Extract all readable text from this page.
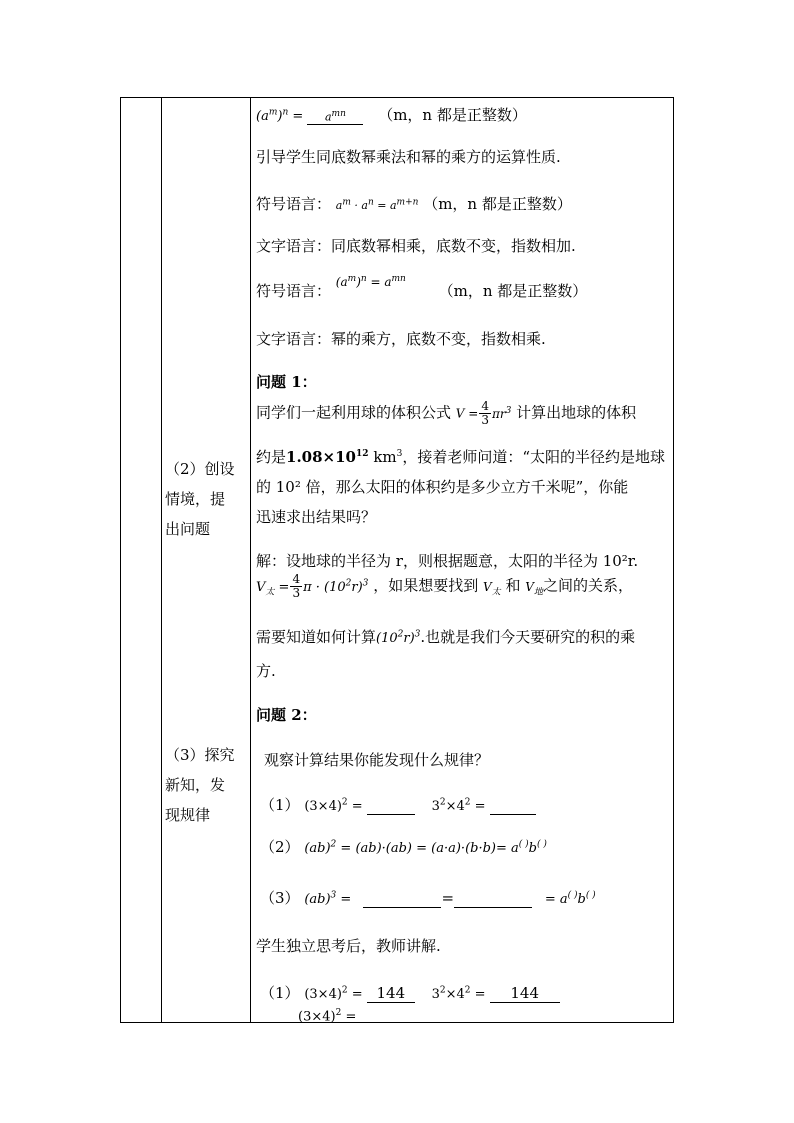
（2）创设
情境，提
出问题
（3）探究
新知，发
现规律
$(a^m)^n = a^{mn}$ （m，n 都是正整数）
引导学生同底数幂乘法和幂的乘方的运算性质.
符号语言： $a^m \cdot a^n = a^{m+n}$ （m，n 都是正整数）
文字语言：同底数幂相乘，底数不变，指数相加.
符号语言： $(a^m)^n = a^{mn}$ （m，n 都是正整数）
文字语言：幂的乘方，底数不变，指数相乘.
问题 1：
同学们一起利用球的体积公式 $V = \frac{4}{3} \pi r^3$ 计算出地球的体积
约是$1.08\times 10^{12}$ $km^3$，接着老师问道：“太阳的半径约是地球
的 10² 倍，那么太阳的体积约是多少立方千米呢”，你能
迅速求出结果吗？
解：设地球的半径为 r，则根据题意，太阳的半径为 10²r.
$V_太 = \frac{4}{3}$ $\pi \cdot (10^2r)^3$ ，如果想要找到 $V_太$ 和 $V_地$之间的关系，
需要知道如何计算$(10^2r)^3$.也就是我们今天要研究的积的乘
方.
问题 2：
观察计算结果你能发现什么规律？
（1） $(3\times 4)^2$ =	$3^2\times 4^2$ =
（2） (ab)$^2$ = (ab)·(ab) = (a·a)·(b·b)= a( )b( )
（3） (ab)$^3$ =	=	= a( )b( )
学生独立思考后，教师讲解.
（1） $(3\times 4)^2 = 144$ $3^2\times 4^2 = 144$
$(3\times 4)^2$ =
